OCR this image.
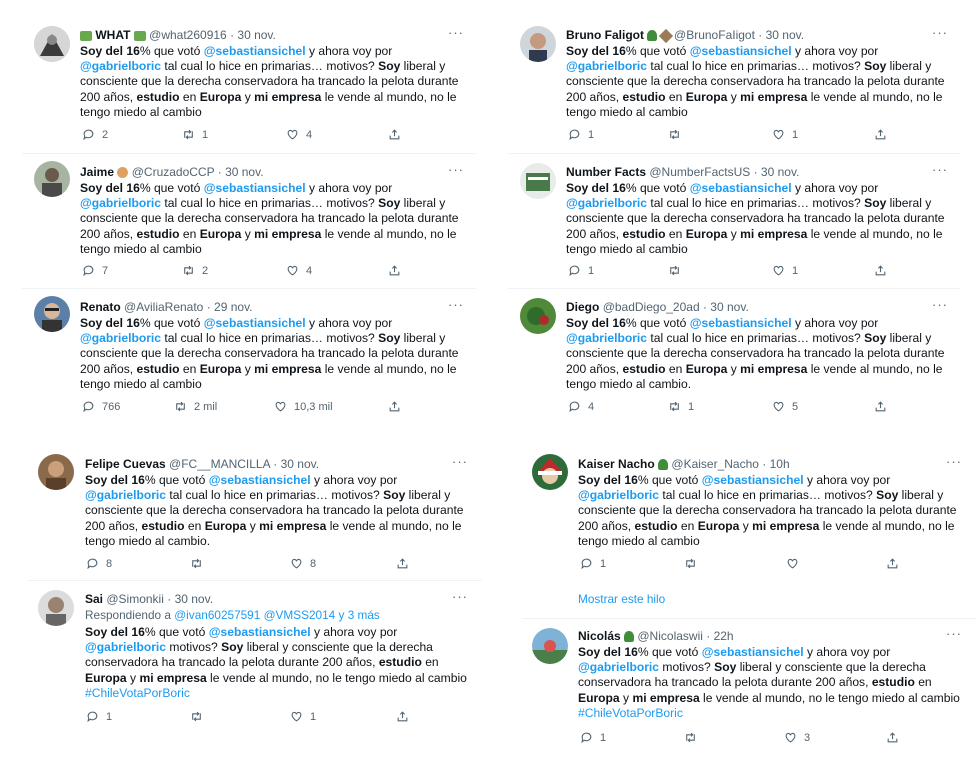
WHAT @what260916 · 30 nov.	···
Soy del 16% que votó @sebastiansichel y ahora voy por @gabrielboric tal cual lo hice en primarias… motivos? Soy liberal y consciente que la derecha conservadora ha trancado la pelota durante 200 años, estudio en Europa y mi empresa le vende al mundo, no le tengo miedo al cambio
2	1	4
Jaime @CruzadoCCP · 30 nov.	···
Soy del 16% que votó @sebastiansichel y ahora voy por @gabrielboric tal cual lo hice en primarias… motivos? Soy liberal y consciente que la derecha conservadora ha trancado la pelota durante 200 años, estudio en Europa y mi empresa le vende al mundo, no le tengo miedo al cambio
7	2	4
Renato @AviliaRenato · 29 nov.	···
Soy del 16% que votó @sebastiansichel y ahora voy por @gabrielboric tal cual lo hice en primarias… motivos? Soy liberal y consciente que la derecha conservadora ha trancado la pelota durante 200 años, estudio en Europa y mi empresa le vende al mundo, no le tengo miedo al cambio
766	2 mil	10,3 mil
Bruno Faligot	@BrunoFaIigot · 30 nov.	···
Soy del 16% que votó @sebastiansichel y ahora voy por @gabrielboric tal cual lo hice en primarias… motivos? Soy liberal y consciente que la derecha conservadora ha trancado la pelota durante 200 años, estudio en Europa y mi empresa le vende al mundo, no le tengo miedo al cambio
1	1
Number Facts @NumberFactsUS · 30 nov.	···
Soy del 16% que votó @sebastiansichel y ahora voy por @gabrielboric tal cual lo hice en primarias… motivos? Soy liberal y consciente que la derecha conservadora ha trancado la pelota durante 200 años, estudio en Europa y mi empresa le vende al mundo, no le tengo miedo al cambio
1	1
Diego @badDiego_20ad · 30 nov.	···
Soy del 16% que votó @sebastiansichel y ahora voy por @gabrielboric tal cual lo hice en primarias… motivos? Soy liberal y consciente que la derecha conservadora ha trancado la pelota durante 200 años, estudio en Europa y mi empresa le vende al mundo, no le tengo miedo al cambio.
4	1	5
Felipe Cuevas @FC__MANCILLA · 30 nov.	···
Soy del 16% que votó @sebastiansichel y ahora voy por @gabrielboric tal cual lo hice en primarias… motivos? Soy liberal y consciente que la derecha conservadora ha trancado la pelota durante 200 años, estudio en Europa y mi empresa le vende al mundo, no le tengo miedo al cambio.
8	8
Sai @Simonkii · 30 nov.	···
Respondiendo a @ivan60257591 @VMSS2014 y 3 más
Soy del 16% que votó @sebastiansichel y ahora voy por @gabrielboric motivos? Soy liberal y consciente que la derecha conservadora ha trancado la pelota durante 200 años, estudio en Europa y mi empresa le vende al mundo, no le tengo miedo al cambio #ChileVotaPorBoric
1	1
Kaiser Nacho @Kaiser_Nacho · 10h	···
Soy del 16% que votó @sebastiansichel y ahora voy por @gabrielboric tal cual lo hice en primarias… motivos? Soy liberal y consciente que la derecha conservadora ha trancado la pelota durante 200 años, estudio en Europa y mi empresa le vende al mundo, no le tengo miedo al cambio
1
Mostrar este hilo
Nicolás @Nicolaswii · 22h	···
Soy del 16% que votó @sebastiansichel y ahora voy por @gabrielboric motivos? Soy liberal y consciente que la derecha conservadora ha trancado la pelota durante 200 años, estudio en Europa y mi empresa le vende al mundo, no le tengo miedo al cambio #ChileVotaPorBoric
1	3
